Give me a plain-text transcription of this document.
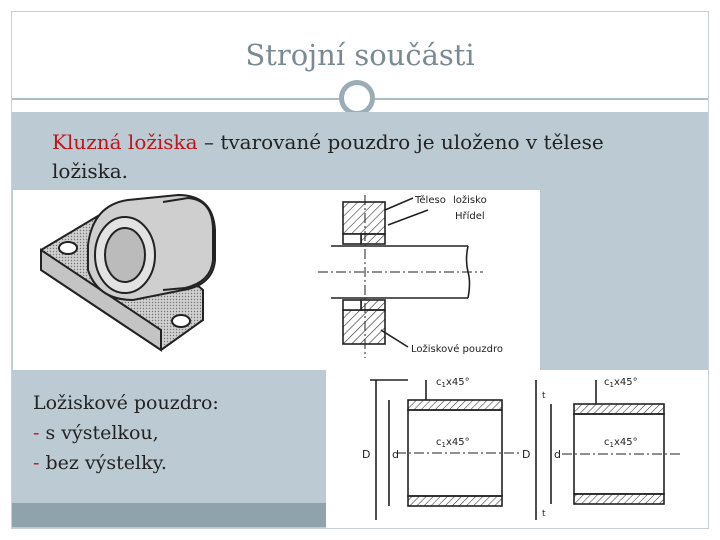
Strojní součásti
Kluzná ložiska – tvarované pouzdro je uloženo v tělese ložiska.
Těleso ložisko
Hřídel
Ložiskové pouzdro
$c_1x45^\circ$
$c_1x45^\circ$
$c_1x45^\circ$
$c_1x45^\circ$
D d	D d
t
t
Ložiskové pouzdro:
- s výstelkou,
- bez výstelky.
